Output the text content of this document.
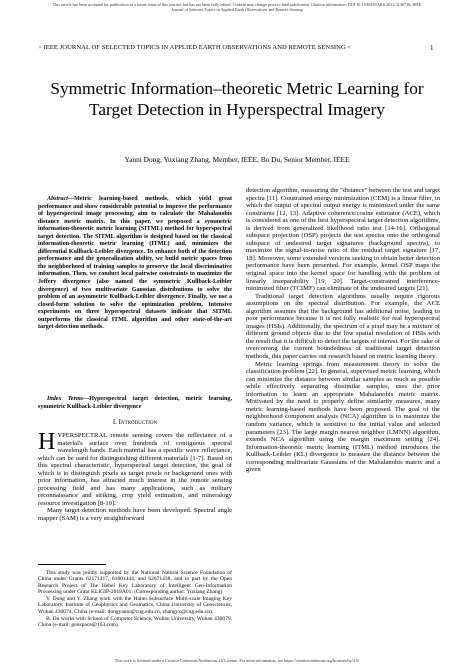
This article has been accepted for publication in a future issue of this journal, but has not been fully edited. Content may change prior to final publication. Citation information: DOI 10.1109/JSTARS.2022.3146716, IEEE
Journal of Selected Topics in Applied Earth Observations and Remote Sensing
> IEEE JOURNAL OF SELECTED TOPICS IN APPLIED EARTH OBSERVATIONS AND REMOTE SENSING <	1
Symmetric Information–theoretic Metric Learning for Target Detection in Hyperspectral Imagery
Yanni Dong, Yuxiang Zhang, Member, IEEE, Bo Du, Senior Member, IEEE

Abstract—Metric learning-based methods, which yield great performance and show considerable potential to improve the performance of hyperspectral image processing, aim to calculate the Mahalanobis distance metric matrix. In this paper, we proposed a symmetric information-theoretic metric learning (SITML) method for hyperspectral target detection. The SITML algorithm is designed based on the classical information-theoretic metric learning (ITML) and, minimizes the differential Kullback-Leibler divergence. To enhance both of the detection performance and the generalization ability, we build metric spaces from the neighborhood of training samples to preserve the local discriminative information. Then, we conduct local pairwise constraints to maximize the Jeffery divergence (also named the symmetric Kullback-Leibler divergence) of two multivariate Gaussian distributions to solve the problem of an asymmetric Kullback-Leibler divergence. Finally, we use a closed-form solution to solve the optimization problem. Intensive experiments on three hyperspectral datasets indicate that SITML outperforms the classical ITML algorithm and other state-of-the-art target detection methods.

Index Terms—Hyperspectral target detection, metric learning, symmetric Kullback-Leibler divergence

I. Introduction

HYPERSPECTRAL remote sensing covers the reflectance of a material's surface over hundreds of contiguous spectral wavelength bands. Each material has a specific wave reflectance, which can be used for distinguishing different materials [1-7]. Based on this spectral characteristic, hyperspectral target detection, the goal of which is to distinguish pixels as target pixels or background ones with prior information, has attracted much interest in the remote sensing processing field and has many applications, such as military reconnaissance and striking, crop yield estimation, and mineralogy resource investigation [8-10].

Many target detection methods have been developed. Spectral angle mapper (SAM) is a very straightforward

This study was jointly supported by the National Natural Science Foundation of China under Grants 62171417, 61801444, and 62071438, and in part by the Open Research Project of The Hebei Key Laboratory of Intelligent Geo-Information Processing under Grant KLIGIP-2018A01. (Corresponding author: Yuxiang Zhang)

Y. Dong and Y. Zhang work with the Hubei Subsurface Multi-scale Imaging Key Laboratory, Institute of Geophysics and Geomatics, China University of Geosciences, Wuhan 430074, China (e-mail: dongyanni@cug.edu.cn, zhangyx@cug.edu.cn).

B. Du works with School of Computer Science, Wuhan University, Wuhan 430079, China (e-mail: gunspace@163.com).

detection algorithm, measuring the "distance" between the test and target spectra [11]. Constrained energy minimization (CEM) is a linear filter, in which the output of spectral output energy is minimized under the same constraints [12, 13]. Adaptive coherence/cosine estimator (ACE), which is considered as one of the best hyperspectral target detection algorithms, is derived from generalized likelihood ratio test [14-16]. Orthogonal subspace projection (OSP) projects the test spectra onto the orthogonal subspace of undesired target signatures (background spectra), to maximize the signal-to-noise ratio of the residual target signature [17, 18]. Moreover, some extended versions seeking to obtain better detection performance have been presented. For example, kernel OSP maps the original space into the kernel space for handling with the problem of linearly inseparability [19, 20]. Target-constrained interference-minimized filter (TCIMF) can eliminate of the undesired targets [21].

Traditional target detection algorithms usually require rigorous assumptions on the spectral distribution. For example, the ACE algorithm assumes that the background has additional noise, leading to poor performance because it is not fully realistic for real hyperspectral images (HSIs). Additionally, the spectrum of a pixel may be a mixture of different ground objects due to the low spatial resolution of HSIs with the result that it is difficult to detect the targets of interest. For the sake of overcoming the current boundedness of traditional target detection methods, this paper carries out research based on metric learning theory.

Metric learning springs from measurement theory to solve the classification problem [22]. In general, supervised metric learning, which can minimize the distance between similar samples as much as possible while effectively separating dissimilar samples, uses the prior information to learn an appropriate Mahalanobis metric matrix. Motivated by the need to properly define similarity measures, many metric learning-based methods have been proposed. The goal of the neighborhood component analysis (NCA) algorithm is to maximize the random variance, which is sensitive to the initial value and selected parameters [23]. The large margin nearest neighbor (LMNN) algorithm, extends NCA algorithm using the margin maximum setting [24]. Information-theoretic metric learning (ITML) method introduces the Kullback-Leibler (KL) divergence to measure the distance between the corresponding multivariate Gaussians of the Mahalanobis matrix and a given

This work is licensed under a Creative Commons Attribution 4.0 License. For more information, see https://creativecommons.org/licenses/by/4.0/
